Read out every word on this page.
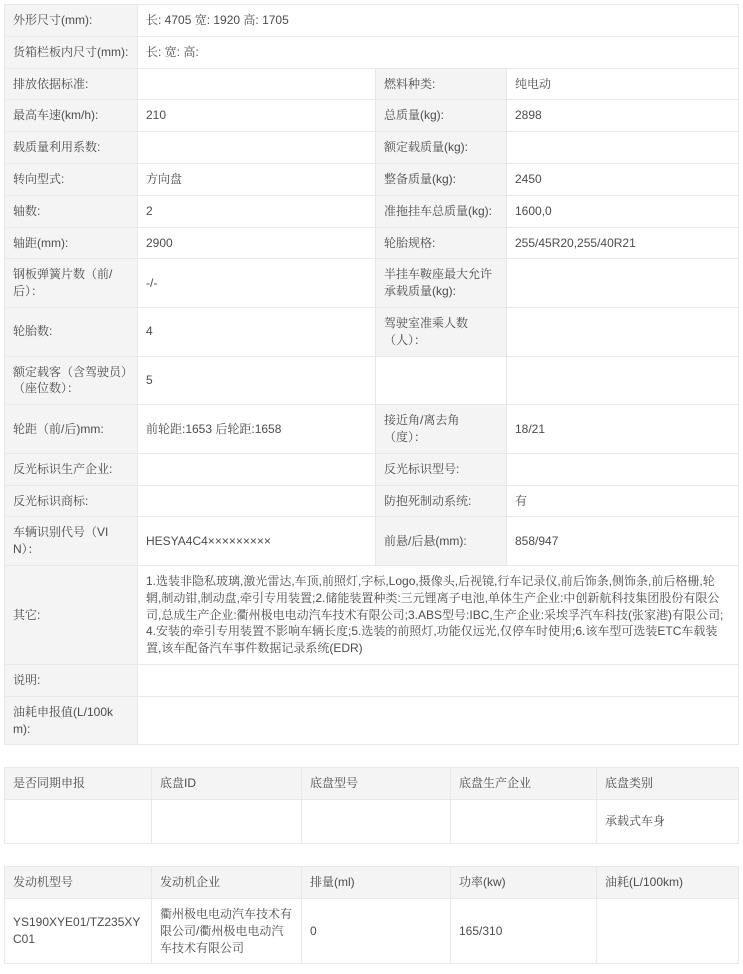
外形尺寸(mm):	长: 4705 宽: 1920 高: 1705		
货箱栏板内尺寸(mm):	长: 宽: 高:		
排放依据标准:		燃料种类:	纯电动
最高车速(km/h):	210	总质量(kg):	2898
载质量利用系数:		额定载质量(kg):	
转向型式:	方向盘	整备质量(kg):	2450
轴数:	2	准拖挂车总质量(kg):	1600,0
轴距(mm):	2900	轮胎规格:	255/45R20,255/40R21
钢板弹簧片数（前/后）：	-/-	半挂车鞍座最大允许承载质量(kg):	
轮胎数:	4	驾驶室准乘人数（人）：	
额定载客（含驾驶员）（座位数）：	5		
轮距（前/后)mm:	前轮距:1653 后轮距:1658	接近角/离去角（度）：	18/21
反光标识生产企业:		反光标识型号:	
反光标识商标:		防抱死制动系统:	有
车辆识别代号（VIN）：	HESYA4C4×××××××××	前悬/后悬(mm):	858/947
其它:	1.选装非隐私玻璃,激光雷达,车顶,前照灯,字标,Logo,摄像头,后视镜,行车记录仪,前后饰条,侧饰条,前后格栅,轮辋,制动钳,制动盘,牵引专用装置;2.储能装置种类:三元锂离子电池,单体生产企业:中创新航科技集团股份有限公司,总成生产企业:衢州极电电动汽车技术有限公司;3.ABS型号:IBC,生产企业:采埃孚汽车科技(张家港)有限公司;4.安装的牵引专用装置不影响车辆长度;5.选装的前照灯,功能仅远光,仅停车时使用;6.该车型可选装ETC车载装置,该车配备汽车事件数据记录系统(EDR)		
说明:			
油耗申报值(L/100km):			
是否同期申报	底盘ID	底盘型号	底盘生产企业	底盘类别
				承载式车身
发动机型号	发动机企业	排量(ml)	功率(kw)	油耗(L/100km)
YS190XYE01/TZ235XYC01	衢州极电电动汽车技术有限公司/衢州极电电动汽车技术有限公司	0	165/310	
